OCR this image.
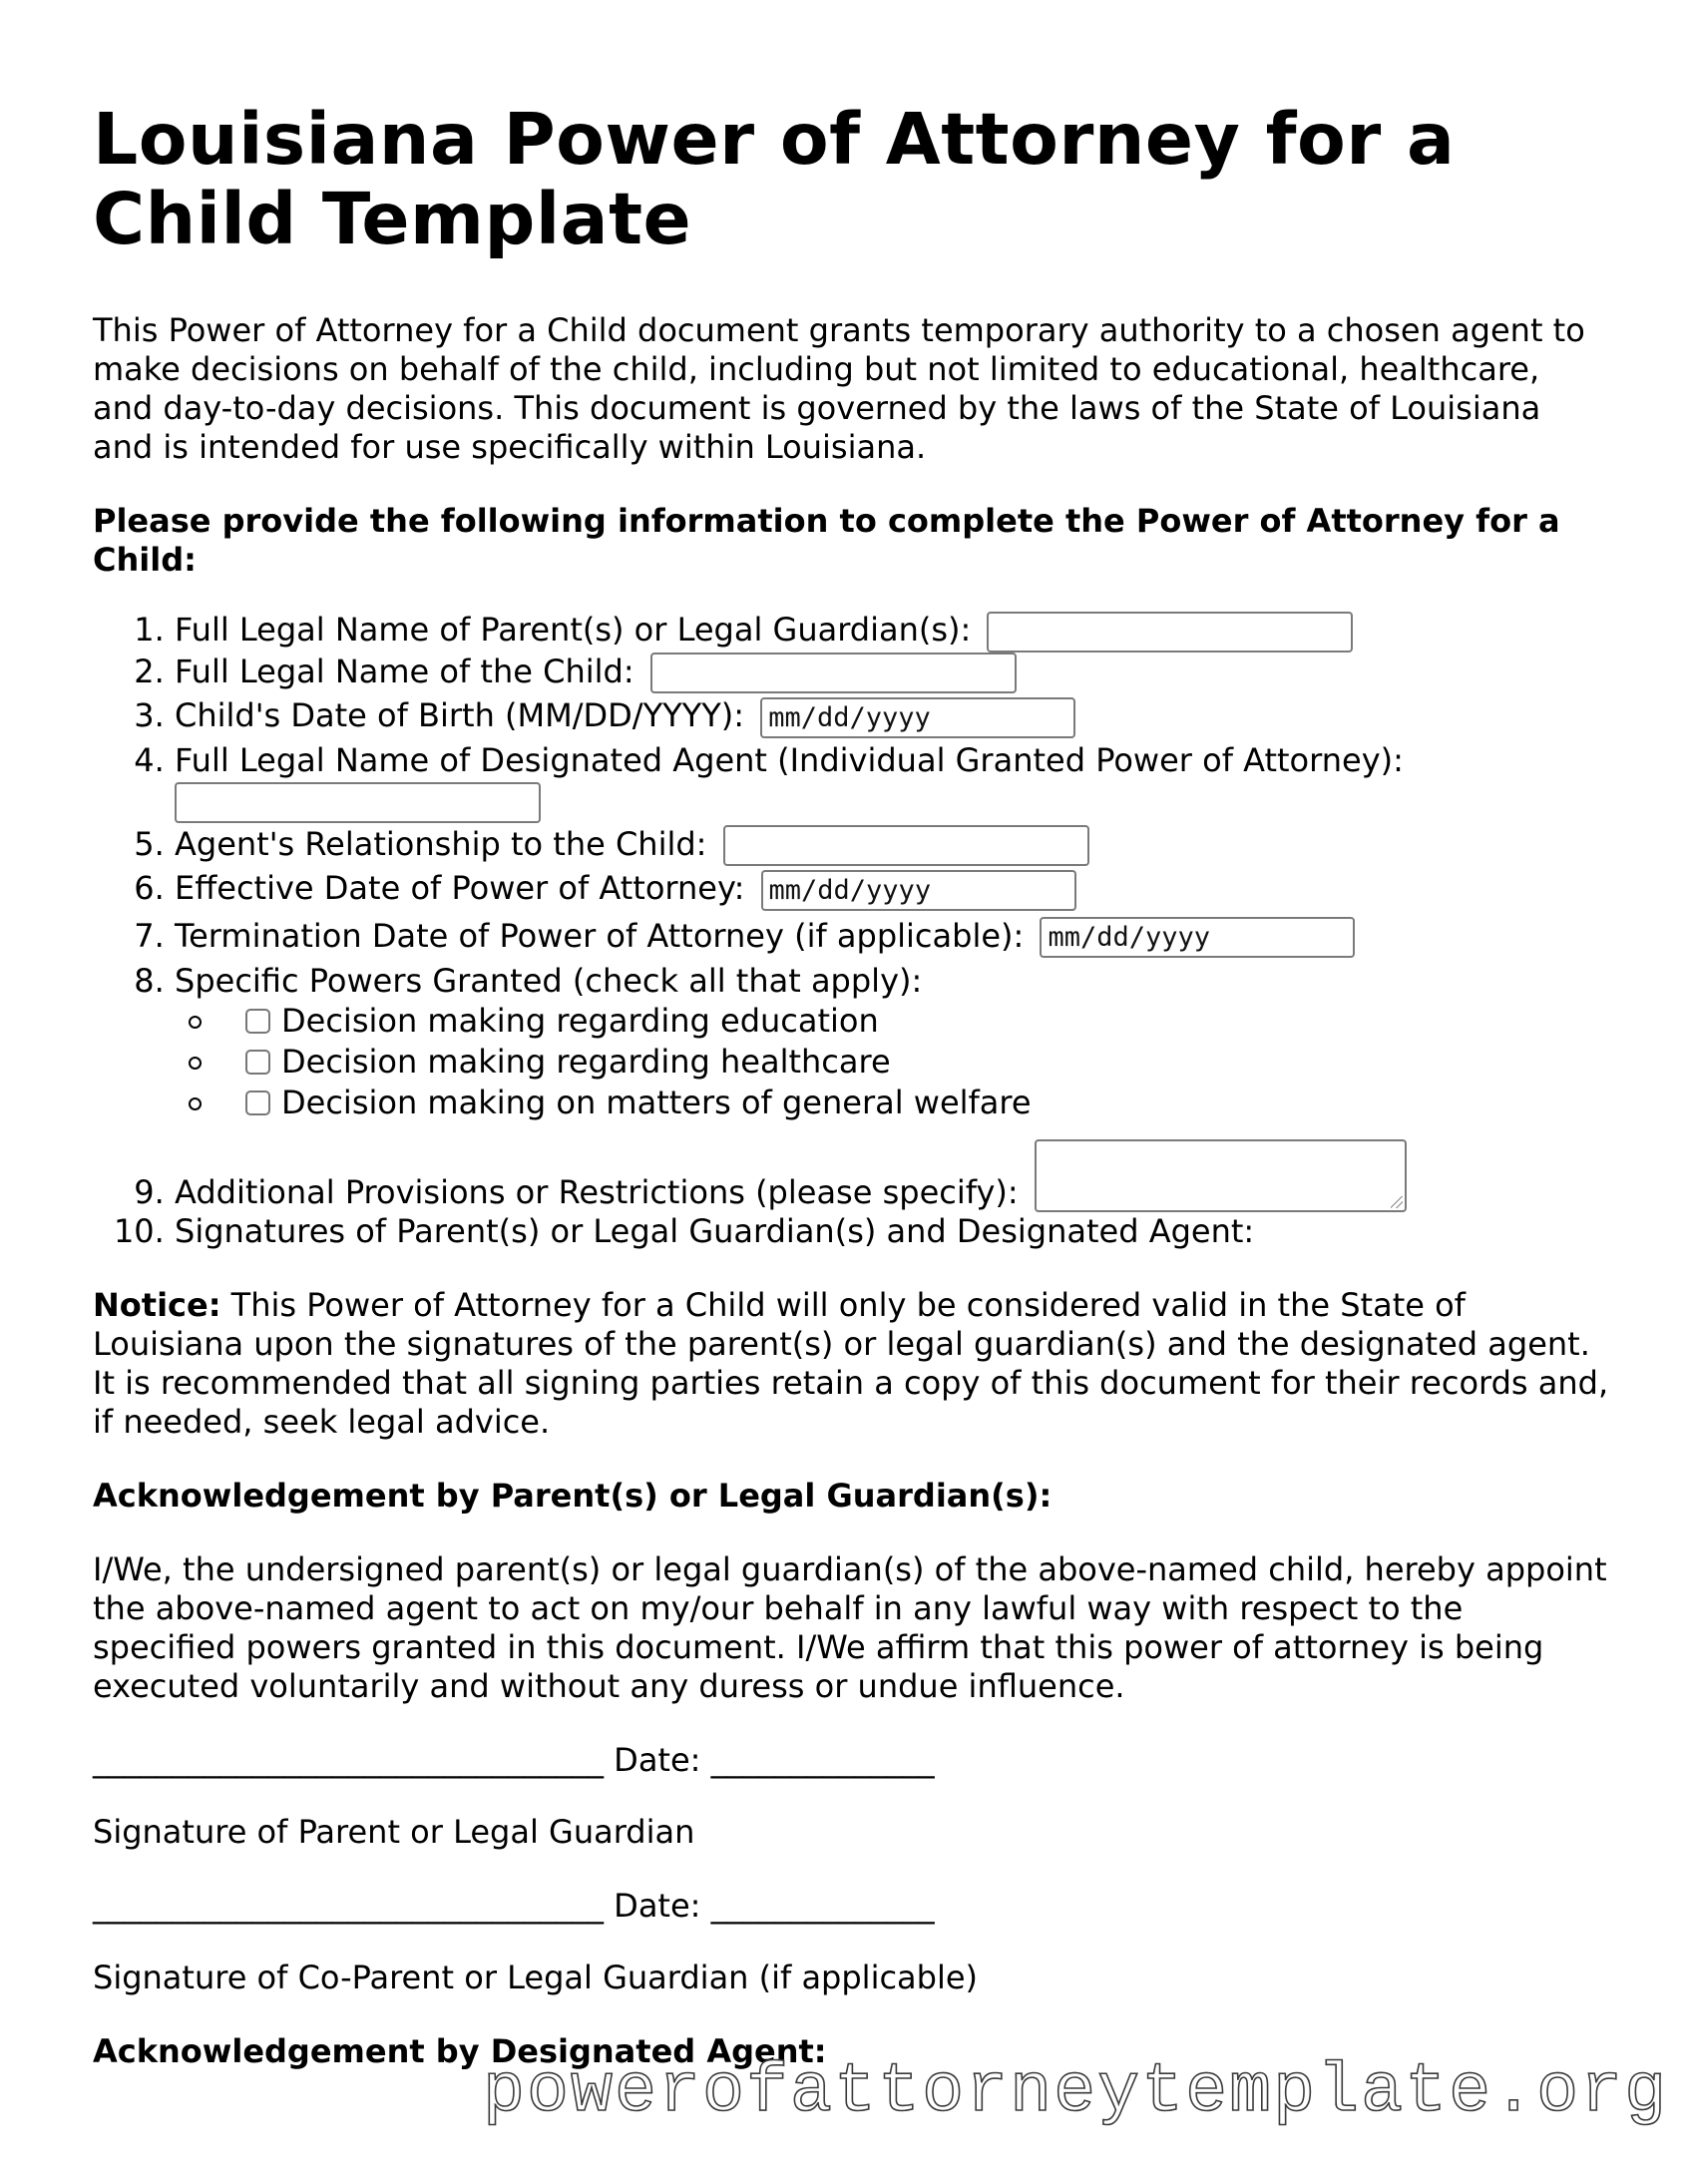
Louisiana Power of Attorney for a Child Template

This Power of Attorney for a Child document grants temporary authority to a chosen agent to make decisions on behalf of the child, including but not limited to educational, healthcare, and day-to-day decisions. This document is governed by the laws of the State of Louisiana and is intended for use specifically within Louisiana.

Please provide the following information to complete the Power of Attorney for a Child:

1. Full Legal Name of Parent(s) or Legal Guardian(s):
2. Full Legal Name of the Child:
3. Child's Date of Birth (MM/DD/YYYY): mm/dd/yyyy
4. Full Legal Name of Designated Agent (Individual Granted Power of Attorney):
5. Agent's Relationship to the Child:
6. Effective Date of Power of Attorney: mm/dd/yyyy
7. Termination Date of Power of Attorney (if applicable): mm/dd/yyyy
8. Specific Powers Granted (check all that apply):
Decision making regarding education
Decision making regarding healthcare
Decision making on matters of general welfare
9. Additional Provisions or Restrictions (please specify):
10. Signatures of Parent(s) or Legal Guardian(s) and Designated Agent:

Notice: This Power of Attorney for a Child will only be considered valid in the State of Louisiana upon the signatures of the parent(s) or legal guardian(s) and the designated agent. It is recommended that all signing parties retain a copy of this document for their records and, if needed, seek legal advice.

Acknowledgement by Parent(s) or Legal Guardian(s):

I/We, the undersigned parent(s) or legal guardian(s) of the above-named child, hereby appoint the above-named agent to act on my/our behalf in any lawful way with respect to the specified powers granted in this document. I/We affirm that this power of attorney is being executed voluntarily and without any duress or undue influence.

________________________________ Date: ______________

Signature of Parent or Legal Guardian

________________________________ Date: ______________

Signature of Co-Parent or Legal Guardian (if applicable)

Acknowledgement by Designated Agent:

powerofattorneytemplate.org
